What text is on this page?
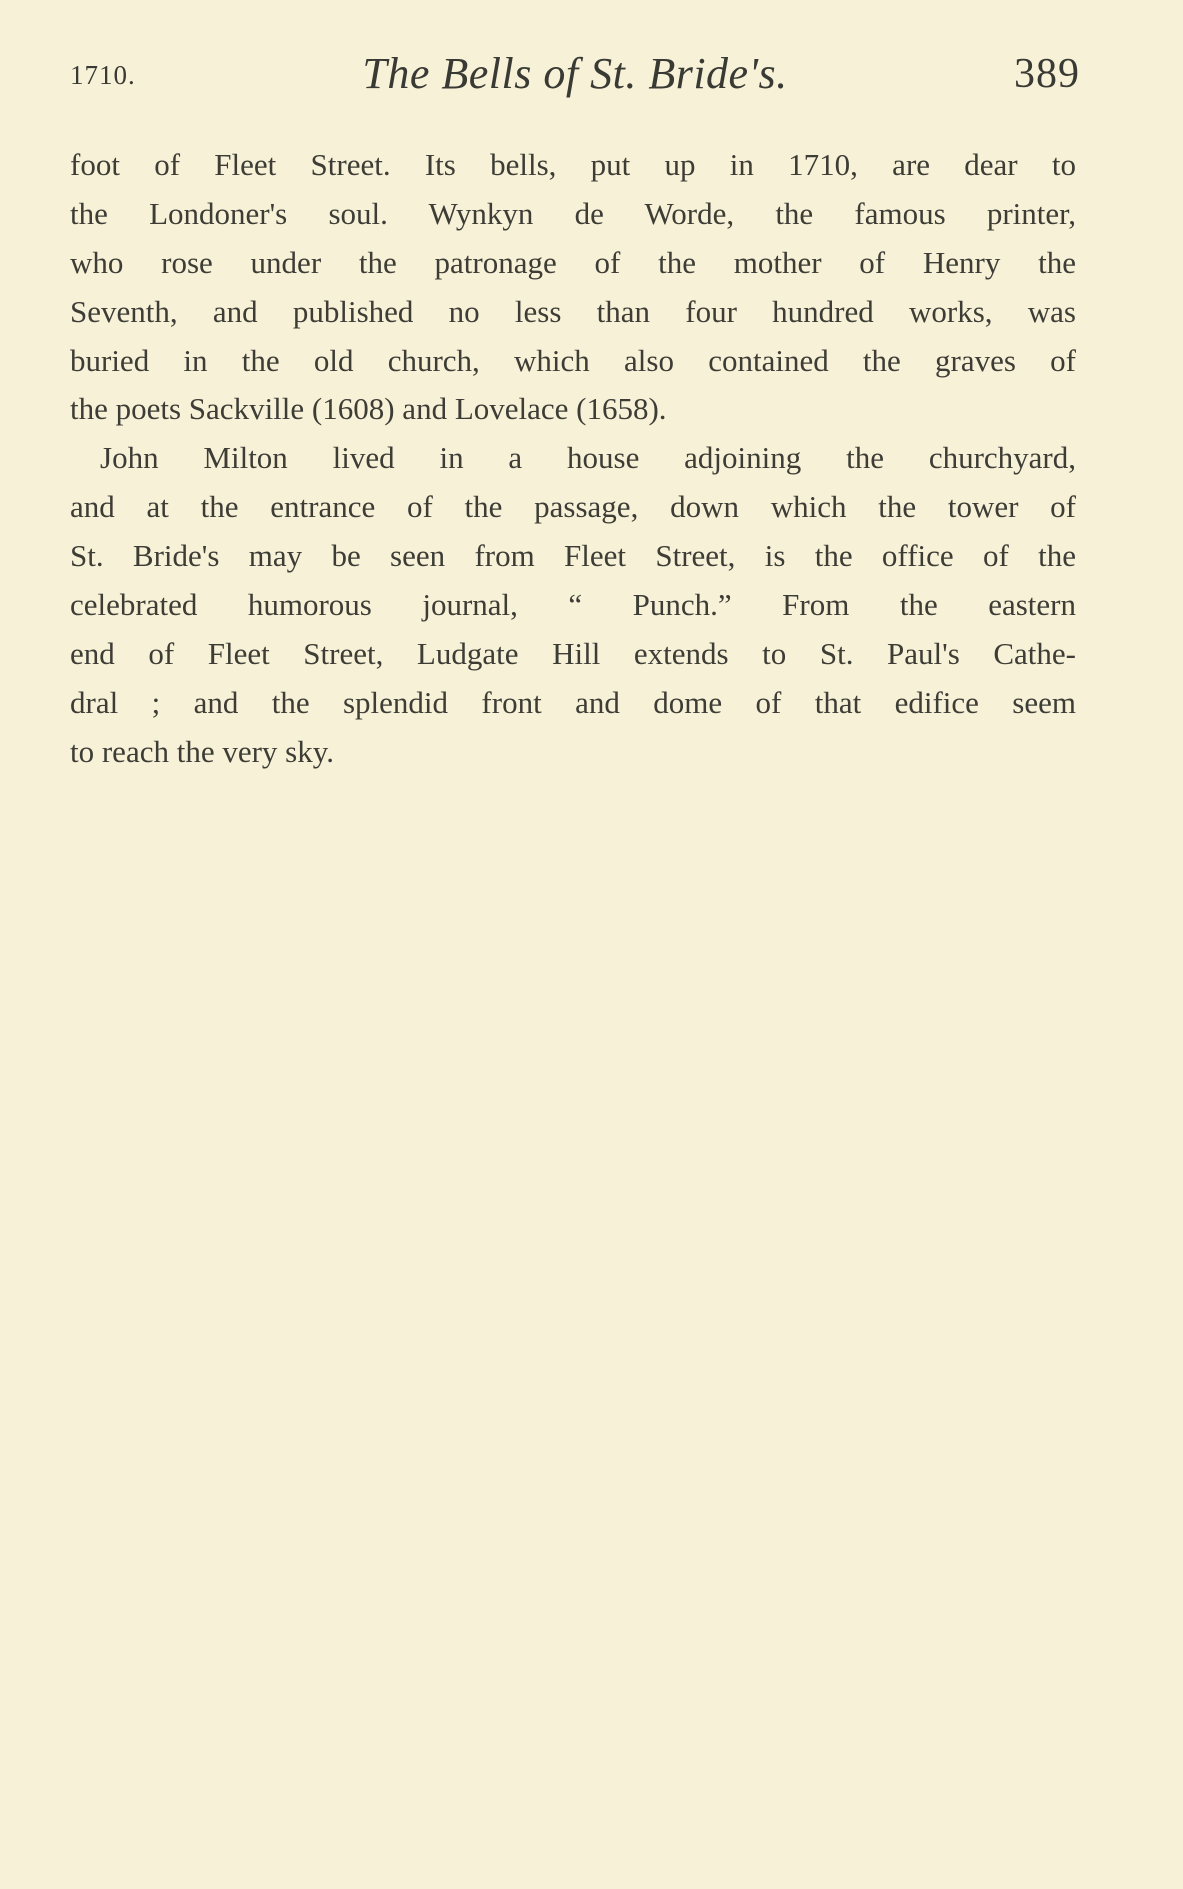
1710.	The Bells of St. Bride's.	389
foot of Fleet Street. Its bells, put up in 1710, are dear to
the Londoner's soul. Wynkyn de Worde, the famous printer,
who rose under the patronage of the mother of Henry the
Seventh, and published no less than four hundred works, was
buried in the old church, which also contained the graves of
the poets Sackville (1608) and Lovelace (1658).
John Milton lived in a house adjoining the churchyard,
and at the entrance of the passage, down which the tower of
St. Bride's may be seen from Fleet Street, is the office of the
celebrated humorous journal, “ Punch.” From the eastern
end of Fleet Street, Ludgate Hill extends to St. Paul's Cathe-
dral ; and the splendid front and dome of that edifice seem
to reach the very sky.
